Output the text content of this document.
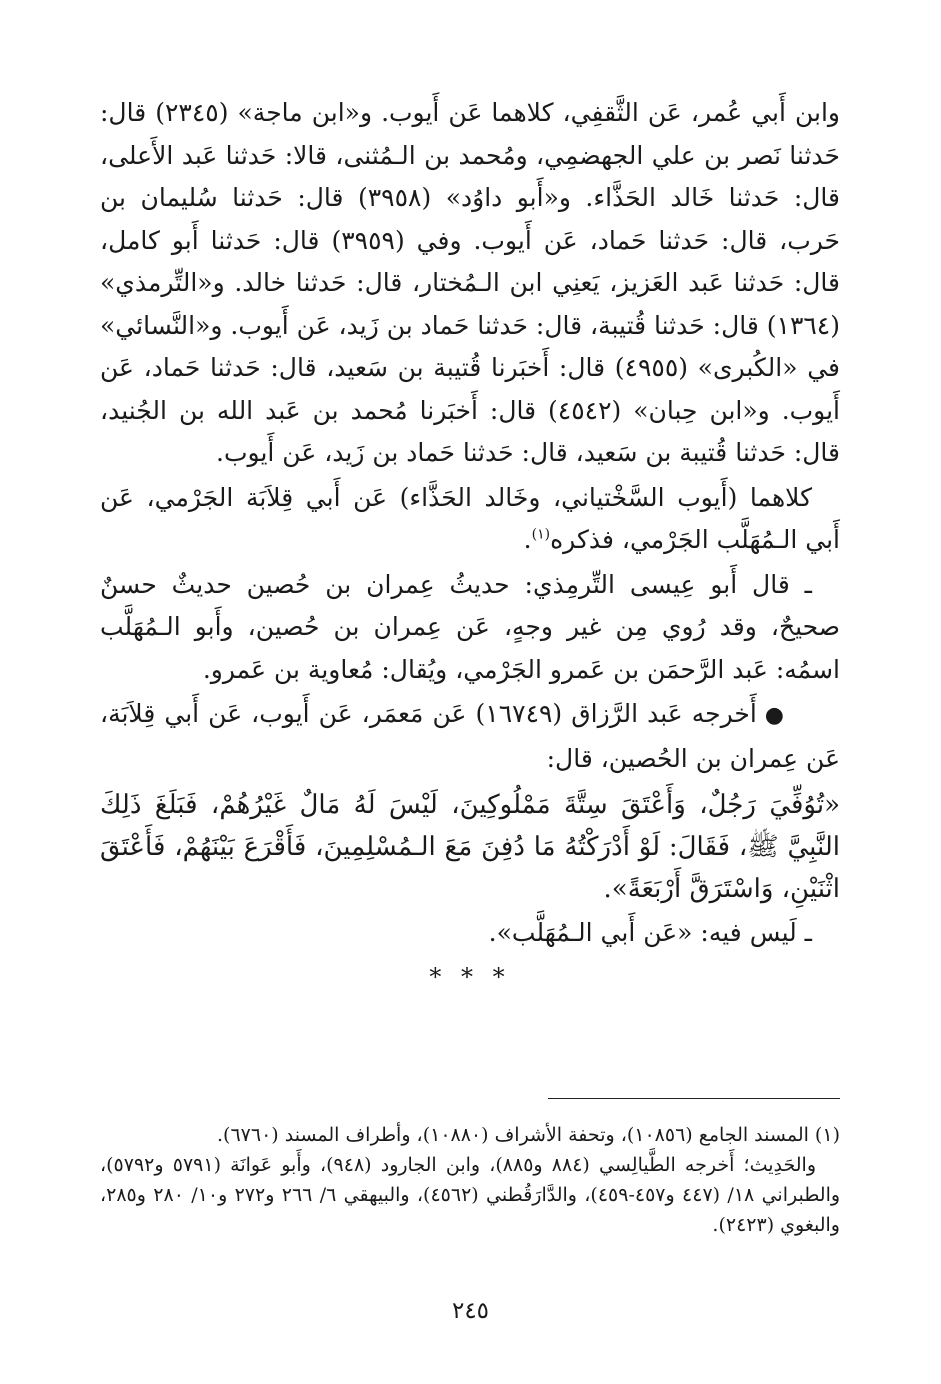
وابن أَبي عُمر، عَن الثَّقفِي، كلاهما عَن أَيوب. و«ابن ماجة» (٢٣٤٥) قال: حَدثنا نَصر بن علي الجهضمِي، ومُحمد بن الـمُثنى، قالا: حَدثنا عَبد الأَعلى، قال: حَدثنا خَالد الحَذَّاء. و«أَبو داوُد» (٣٩٥٨) قال: حَدثنا سُليمان بن حَرب، قال: حَدثنا حَماد، عَن أَيوب. وفي (٣٩٥٩) قال: حَدثنا أَبو كامل، قال: حَدثنا عَبد العَزيز، يَعنِي ابن الـمُختار، قال: حَدثنا خالد. و«التِّرمذي» (١٣٦٤) قال: حَدثنا قُتيبة، قال: حَدثنا حَماد بن زَيد، عَن أَيوب. و«النَّسائي» في «الكُبرى» (٤٩٥٥) قال: أَخبَرنا قُتيبة بن سَعيد، قال: حَدثنا حَماد، عَن أَيوب. و«ابن حِبان» (٤٥٤٢) قال: أَخبَرنا مُحمد بن عَبد الله بن الجُنيد، قال: حَدثنا قُتيبة بن سَعيد، قال: حَدثنا حَماد بن زَيد، عَن أَيوب.

كلاهما (أَيوب السَّخْتياني، وخَالد الحَذَّاء) عَن أَبي قِلاَبَة الجَرْمي، عَن أَبي الـمُهَلَّب الجَرْمي، فذكره$^{(١)}$.

ـ قال أَبو عِيسى التِّرمِذي: حديثُ عِمران بن حُصين حديثٌ حسنٌ صحيحٌ، وقد رُوي مِن غير وجهٍ، عَن عِمران بن حُصين، وأَبو الـمُهَلَّب اسمُه: عَبد الرَّحمَن بن عَمرو الجَرْمي، ويُقال: مُعاوية بن عَمرو.

●أَخرجه عَبد الرَّزاق (١٦٧٤٩) عَن مَعمَر، عَن أَيوب، عَن أَبي قِلاَبَة، عَن عِمران بن الحُصين، قال:

«تُوُفِّيَ رَجُلٌ، وَأَعْتَقَ سِتَّةَ مَمْلُوكِينَ، لَيْسَ لَهُ مَالٌ غَيْرُهُمْ، فَبَلَغَ ذَلِكَ النَّبِيَّ ﷺ، فَقَالَ: لَوْ أَدْرَكْتُهُ مَا دُفِنَ مَعَ الـمُسْلِمِينَ، فَأَقْرَعَ بَيْنَهُمْ، فَأَعْتَقَ اثْنَيْنِ، وَاسْتَرَقَّ أَرْبَعَةً».

ـ لَيس فيه: «عَن أَبي الـمُهَلَّب».

* * *

(١) المسند الجامع (١٠٨٥٦)، وتحفة الأشراف (١٠٨٨٠)، وأطراف المسند (٦٧٦٠).

والحَدِيث؛ أَخرجه الطَّيالِسي (٨٨٤ و٨٨٥)، وابن الجارود (٩٤٨)، وأَبو عَوانَة (٥٧٩١ و٥٧٩٢)، والطبراني ١٨/ (٤٤٧ و٤٥٧-٤٥٩)، والدَّارَقُطني (٤٥٦٢)، والبيهقي ٦/ ٢٦٦ و٢٧٢ و١٠/ ٢٨٠ و٢٨٥، والبغوي (٢٤٢٣).

٢٤٥
